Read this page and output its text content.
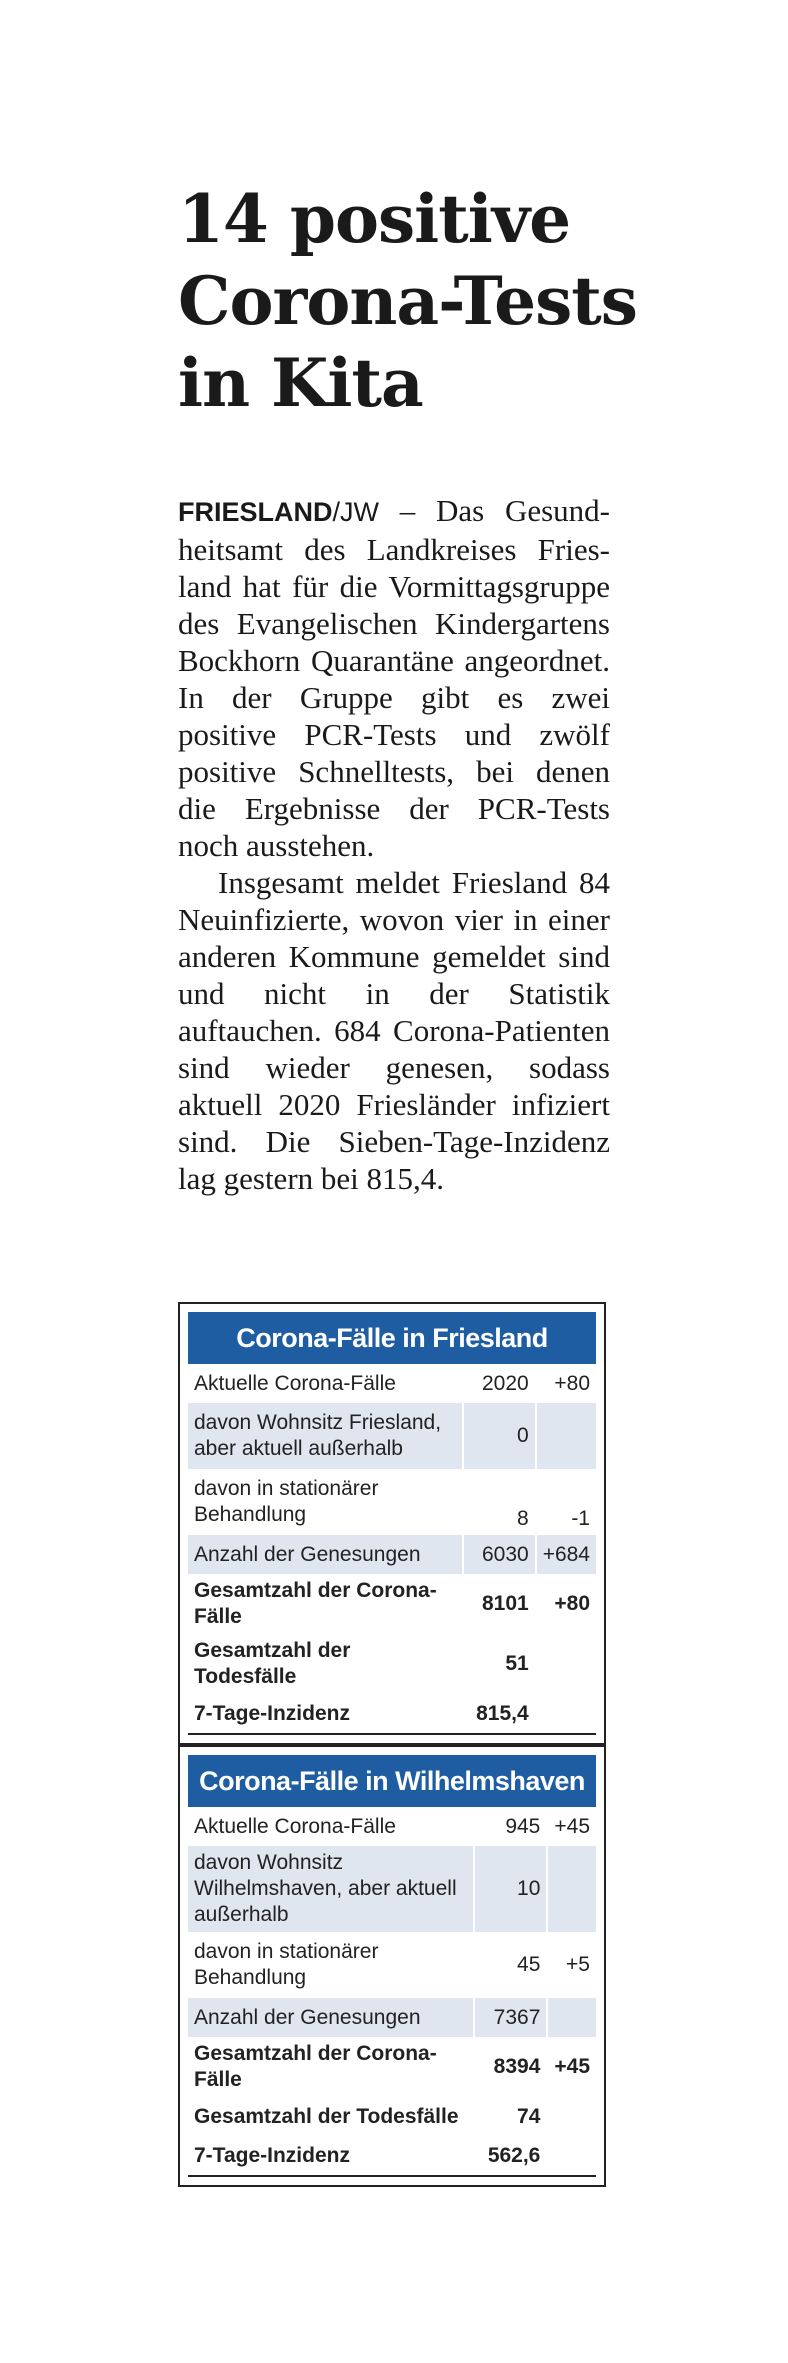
14 positive
Corona-Tests
in Kita

FRIESLAND/JW – Das Gesundheitsamt des Landkreises Friesland hat für die Vormittagsgruppe des Evangelischen Kindergartens Bockhorn Quarantäne angeordnet. In der Gruppe gibt es zwei positive PCR-Tests und zwölf positive Schnelltests, bei denen die Ergebnisse der PCR-Tests noch ausstehen.

Insgesamt meldet Friesland 84 Neuinfizierte, wovon vier in einer anderen Kommune gemeldet sind und nicht in der Statistik auftauchen. 684 Corona-Patienten sind wieder genesen, sodass aktuell 2020 Friesländer infiziert sind. Die Sieben-Tage-Inzidenz lag gestern bei 815,4.

Corona-Fälle in Friesland
Aktuelle Corona-Fälle	2020	+80
davon Wohnsitz Friesland, aber aktuell außerhalb	0	
davon in stationärer Behandlung	8	-1
Anzahl der Genesungen	6030	+684
Gesamtzahl der Corona-Fälle	8101	+80
Gesamtzahl der Todesfälle	51	
7-Tage-Inzidenz	815,4	
Corona-Fälle in Wilhelmshaven
Aktuelle Corona-Fälle	945	+45
davon Wohnsitz Wilhelmshaven, aber aktuell außerhalb	10	
davon in stationärer Behandlung	45	+5
Anzahl der Genesungen	7367	
Gesamtzahl der Corona-Fälle	8394	+45
Gesamtzahl der Todesfälle	74	
7-Tage-Inzidenz	562,6	
